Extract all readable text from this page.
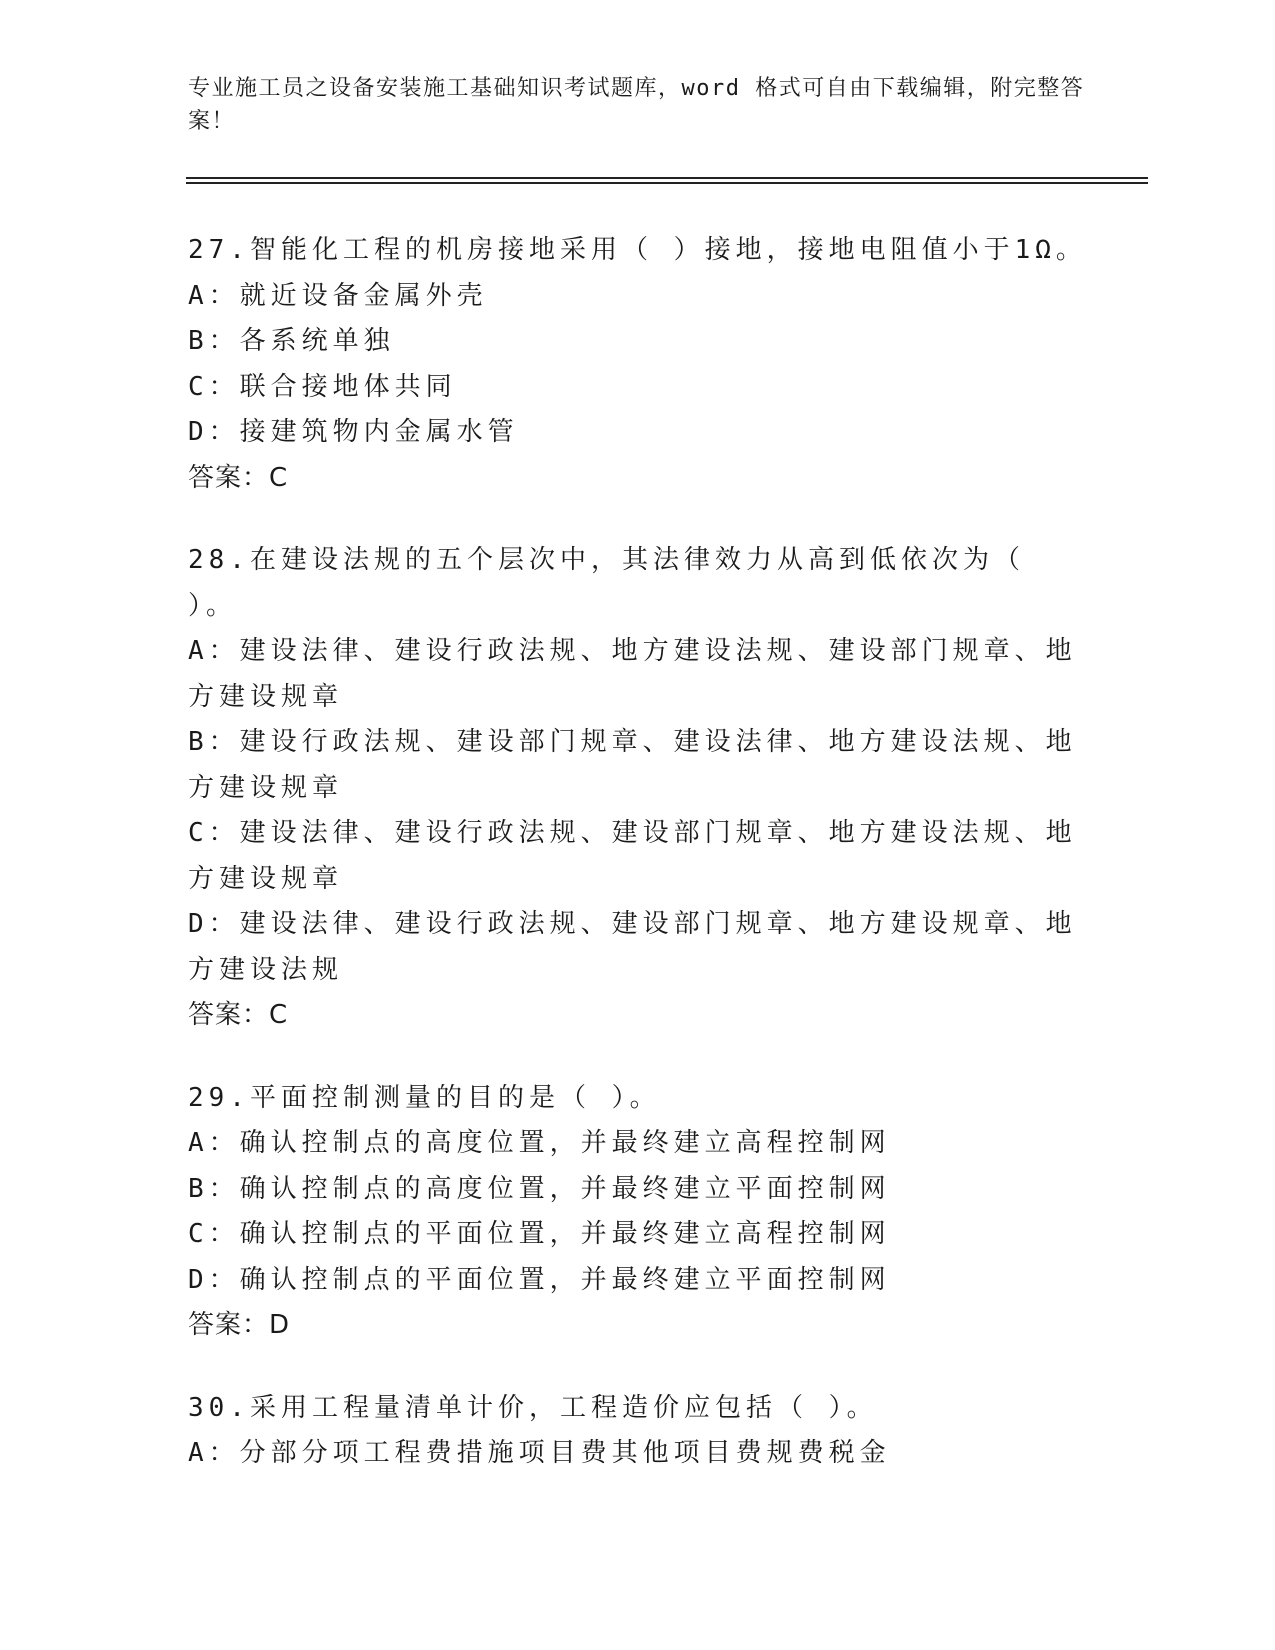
专业施工员之设备安装施工基础知识考试题库，word 格式可自由下载编辑，附完整答案！
27.智能化工程的机房接地采用（ ）接地，接地电阻值小于1Ω。
A：就近设备金属外壳
B：各系统单独
C：联合接地体共同
D：接建筑物内金属水管
答案：C
28.在建设法规的五个层次中，其法律效力从高到低依次为（ ）。
A：建设法律、建设行政法规、地方建设法规、建设部门规章、地方建设规章
B：建设行政法规、建设部门规章、建设法律、地方建设法规、地方建设规章
C：建设法律、建设行政法规、建设部门规章、地方建设法规、地方建设规章
D：建设法律、建设行政法规、建设部门规章、地方建设规章、地方建设法规
答案：C
29.平面控制测量的目的是（ ）。
A：确认控制点的高度位置，并最终建立高程控制网
B：确认控制点的高度位置，并最终建立平面控制网
C：确认控制点的平面位置，并最终建立高程控制网
D：确认控制点的平面位置，并最终建立平面控制网
答案：D
30.采用工程量清单计价，工程造价应包括（ ）。
A：分部分项工程费措施项目费其他项目费规费税金
